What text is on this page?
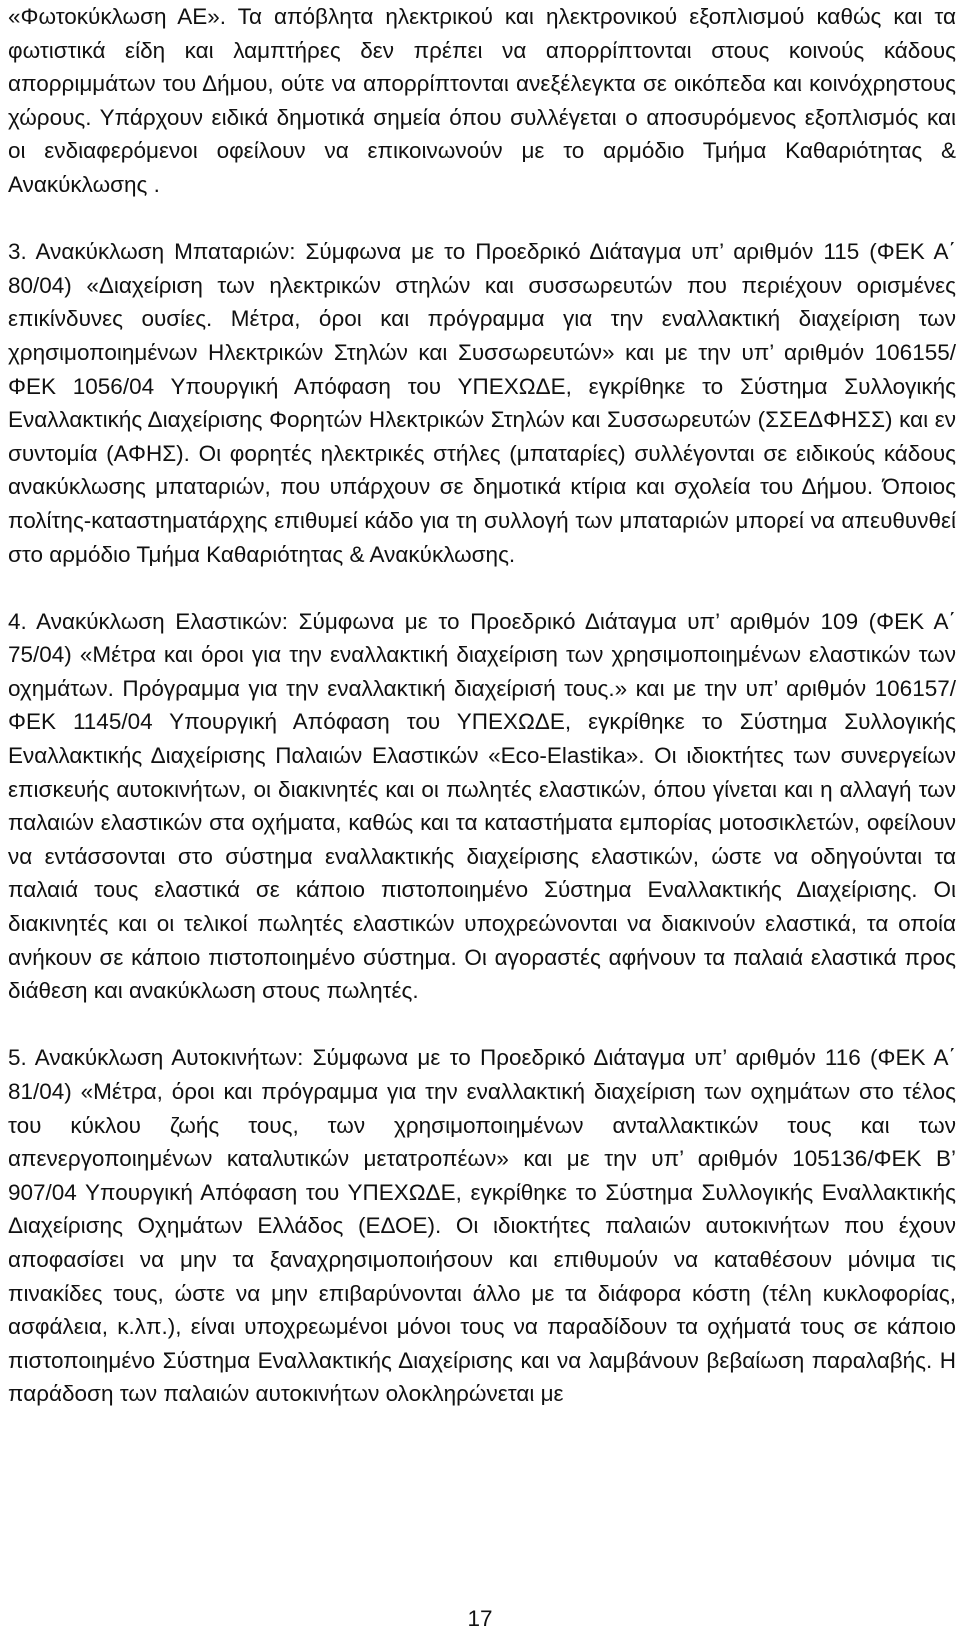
«Φωτοκύκλωση ΑΕ». Τα απόβλητα ηλεκτρικού και ηλεκτρονικού εξοπλισμού καθώς και τα φωτιστικά είδη και λαμπτήρες δεν πρέπει να απορρίπτονται στους κοινούς κάδους απορριμμάτων του Δήμου, ούτε να απορρίπτονται ανεξέλεγκτα σε οικόπεδα και κοινόχρηστους χώρους. Υπάρχουν ειδικά δημοτικά σημεία όπου συλλέγεται ο αποσυρόμενος εξοπλισμός και οι ενδιαφερόμενοι οφείλουν να επικοινωνούν με το αρμόδιο Τμήμα Καθαριότητας & Ανακύκλωσης .

3. Ανακύκλωση Μπαταριών: Σύμφωνα με το Προεδρικό Διάταγμα υπ’ αριθμόν 115 (ΦΕΚ Α΄ 80/04) «Διαχείριση των ηλεκτρικών στηλών και συσσωρευτών που περιέχουν ορισμένες επικίνδυνες ουσίες. Μέτρα, όροι και πρόγραμμα για την εναλλακτική διαχείριση των χρησιμοποιημένων Ηλεκτρικών Στηλών και Συσσωρευτών» και με την υπ’ αριθμόν 106155/ΦΕΚ 1056/04 Υπουργική Απόφαση του ΥΠΕΧΩΔΕ, εγκρίθηκε το Σύστημα Συλλογικής Εναλλακτικής Διαχείρισης Φορητών Ηλεκτρικών Στηλών και Συσσωρευτών (ΣΣΕΔΦΗΣΣ) και εν συντομία (ΑΦΗΣ). Οι φορητές ηλεκτρικές στήλες (μπαταρίες) συλλέγονται σε ειδικούς κάδους ανακύκλωσης μπαταριών, που υπάρχουν σε δημοτικά κτίρια και σχολεία του Δήμου. Όποιος πολίτης-καταστηματάρχης επιθυμεί κάδο για τη συλλογή των μπαταριών μπορεί να απευθυνθεί στο αρμόδιο Τμήμα Καθαριότητας & Ανακύκλωσης.

4. Ανακύκλωση Ελαστικών: Σύμφωνα με το Προεδρικό Διάταγμα υπ’ αριθμόν 109 (ΦΕΚ Α΄ 75/04) «Μέτρα και όροι για την εναλλακτική διαχείριση των χρησιμοποιημένων ελαστικών των οχημάτων. Πρόγραμμα για την εναλλακτική διαχείρισή τους.» και με την υπ’ αριθμόν 106157/ΦΕΚ 1145/04 Υπουργική Απόφαση του ΥΠΕΧΩΔΕ, εγκρίθηκε το Σύστημα Συλλογικής Εναλλακτικής Διαχείρισης Παλαιών Ελαστικών «Eco-Elastika». Οι ιδιοκτήτες των συνεργείων επισκευής αυτοκινήτων, οι διακινητές και οι πωλητές ελαστικών, όπου γίνεται και η αλλαγή των παλαιών ελαστικών στα οχήματα, καθώς και τα καταστήματα εμπορίας μοτοσικλετών, οφείλουν να εντάσσονται στο σύστημα εναλλακτικής διαχείρισης ελαστικών, ώστε να οδηγούνται τα παλαιά τους ελαστικά σε κάποιο πιστοποιημένο Σύστημα Εναλλακτικής Διαχείρισης. Οι διακινητές και οι τελικοί πωλητές ελαστικών υποχρεώνονται να διακινούν ελαστικά, τα οποία ανήκουν σε κάποιο πιστοποιημένο σύστημα. Οι αγοραστές αφήνουν τα παλαιά ελαστικά προς διάθεση και ανακύκλωση στους πωλητές.

5. Ανακύκλωση Αυτοκινήτων: Σύμφωνα με το Προεδρικό Διάταγμα υπ’ αριθμόν 116 (ΦΕΚ Α΄ 81/04) «Μέτρα, όροι και πρόγραμμα για την εναλλακτική διαχείριση των οχημάτων στο τέλος του κύκλου ζωής τους, των χρησιμοποιημένων ανταλλακτικών τους και των απενεργοποιημένων καταλυτικών μετατροπέων» και με την υπ’ αριθμόν 105136/ΦΕΚ Β’ 907/04 Υπουργική Απόφαση του ΥΠΕΧΩΔΕ, εγκρίθηκε το Σύστημα Συλλογικής Εναλλακτικής Διαχείρισης Οχημάτων Ελλάδος (ΕΔΟΕ). Οι ιδιοκτήτες παλαιών αυτοκινήτων που έχουν αποφασίσει να μην τα ξαναχρησιμοποιήσουν και επιθυμούν να καταθέσουν μόνιμα τις πινακίδες τους, ώστε να μην επιβαρύνονται άλλο με τα διάφορα κόστη (τέλη κυκλοφορίας, ασφάλεια, κ.λπ.), είναι υποχρεωμένοι μόνοι τους να παραδίδουν τα οχήματά τους σε κάποιο πιστοποιημένο Σύστημα Εναλλακτικής Διαχείρισης και να λαμβάνουν βεβαίωση παραλαβής. Η παράδοση των παλαιών αυτοκινήτων ολοκληρώνεται με

17
